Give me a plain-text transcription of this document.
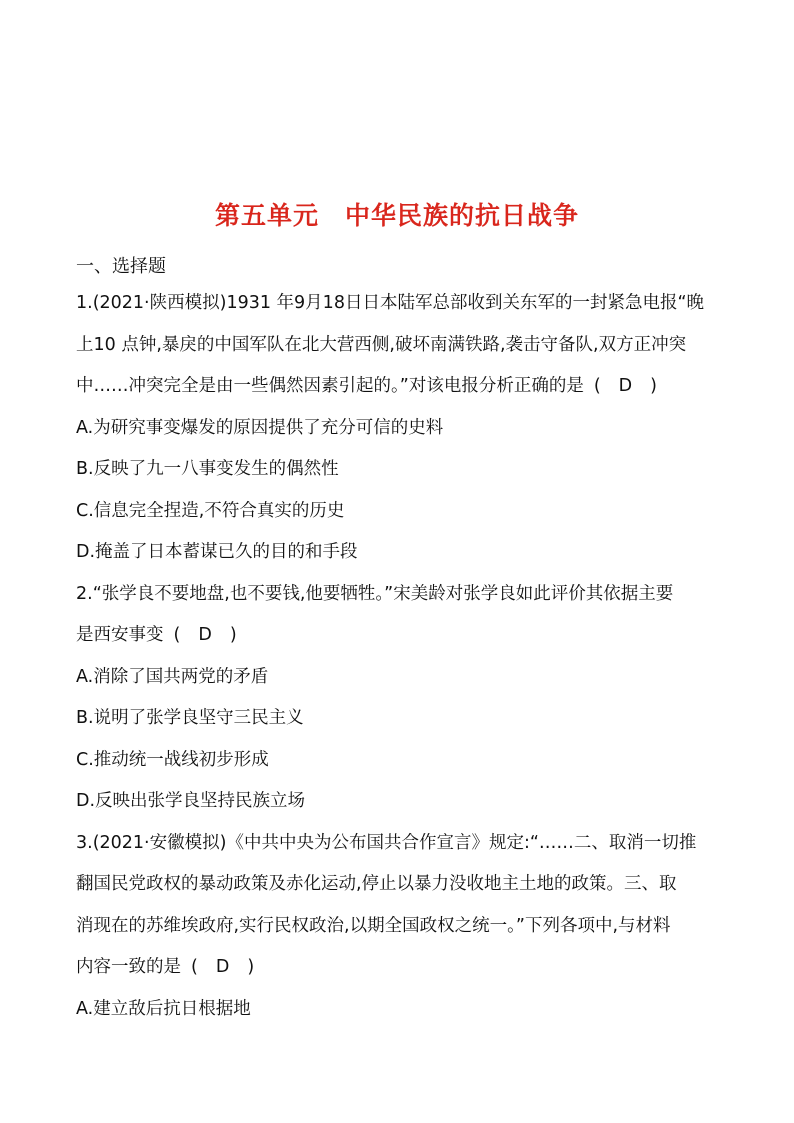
第五单元　中华民族的抗日战争
一、选择题
1.(2021·陕西模拟)1931 年9月18日日本陆军总部收到关东军的一封紧急电报“晚
上10 点钟,暴戾的中国军队在北大营西侧,破坏南满铁路,袭击守备队,双方正冲突
中……冲突完全是由一些偶然因素引起的。”对该电报分析正确的是 ( D )
A.为研究事变爆发的原因提供了充分可信的史料
B.反映了九一八事变发生的偶然性
C.信息完全捏造,不符合真实的历史
D.掩盖了日本蓄谋已久的目的和手段
2.“张学良不要地盘,也不要钱,他要牺牲。”宋美龄对张学良如此评价其依据主要
是西安事变 ( D )
A.消除了国共两党的矛盾
B.说明了张学良坚守三民主义
C.推动统一战线初步形成
D.反映出张学良坚持民族立场
3.(2021·安徽模拟)《中共中央为公布国共合作宣言》规定:“……二、取消一切推
翻国民党政权的暴动政策及赤化运动,停止以暴力没收地主土地的政策。三、取
消现在的苏维埃政府,实行民权政治,以期全国政权之统一。”下列各项中,与材料
内容一致的是 ( D )
A.建立敌后抗日根据地
